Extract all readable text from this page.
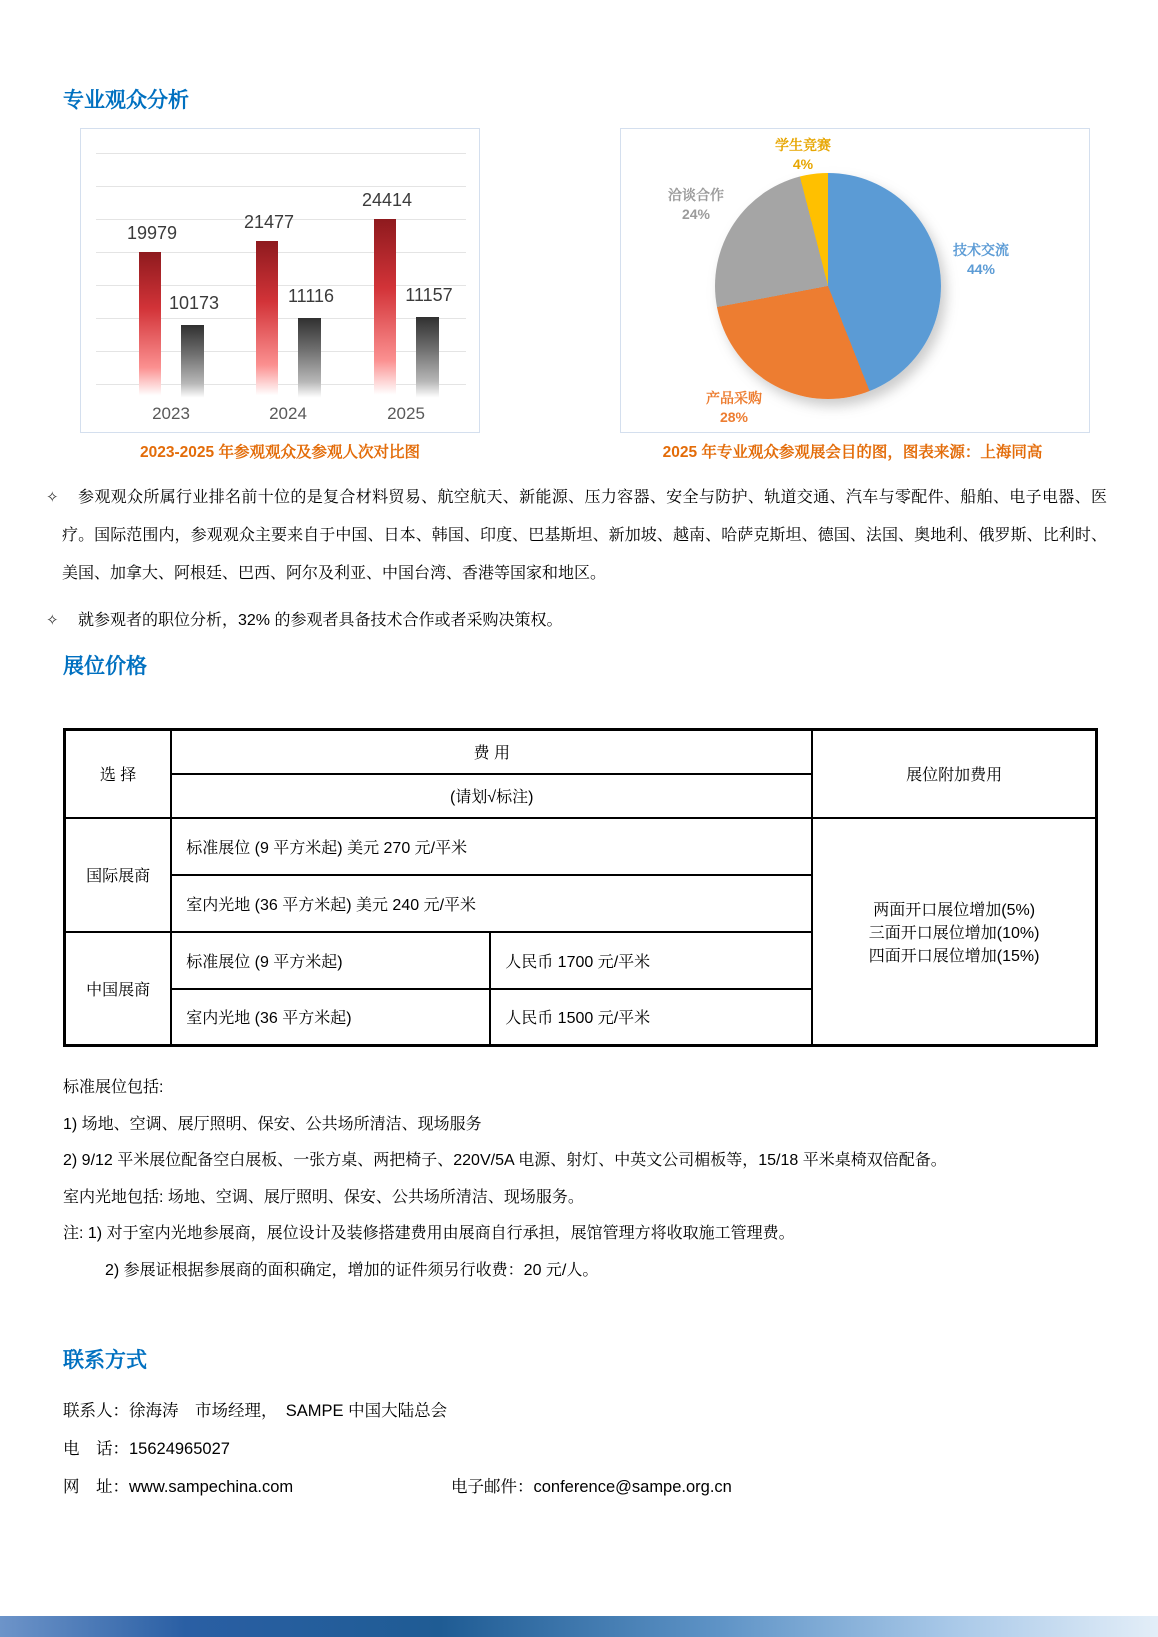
专业观众分析
19979
10173
2023
21477
11116
2024
24414
11157
2025
技术交流
44%
产品采购
28%
洽谈合作
24%
学生竞赛
4%
2023-2025 年参观观众及参观人次对比图	2025 年专业观众参观展会目的图，图表来源：上海同高
✧ 参观观众所属行业排名前十位的是复合材料贸易、航空航天、新能源、压力容器、安全与防护、轨道交通、汽车与零配件、船舶、电子电器、医疗。国际范围内，参观观众主要来自于中国、日本、韩国、印度、巴基斯坦、新加坡、越南、哈萨克斯坦、德国、法国、奥地利、俄罗斯、比利时、美国、加拿大、阿根廷、巴西、阿尔及利亚、中国台湾、香港等国家和地区。
✧ 就参观者的职位分析，32% 的参观者具备技术合作或者采购决策权。
展位价格
选 择	费 用		展位附加费用
	(请划√标注)		
国际展商	标准展位 (9 平方米起) 美元 270 元/平米		两面开口展位增加(5%)
三面开口展位增加(10%)
四面开口展位增加(15%)

	室内光地 (36 平方米起) 美元 240 元/平米		
中国展商	标准展位 (9 平方米起)	人民币 1700 元/平米	
	室内光地 (36 平方米起)	人民币 1500 元/平米	
标准展位包括:
1) 场地、空调、展厅照明、保安、公共场所清洁、现场服务
2) 9/12 平米展位配备空白展板、一张方桌、两把椅子、220V/5A 电源、射灯、中英文公司楣板等，15/18 平米桌椅双倍配备。
室内光地包括: 场地、空调、展厅照明、保安、公共场所清洁、现场服务。
注: 1) 对于室内光地参展商，展位设计及装修搭建费用由展商自行承担，展馆管理方将收取施工管理费。
2) 参展证根据参展商的面积确定，增加的证件须另行收费：20 元/人。
联系方式
联系人：徐海涛　市场经理，　SAMPE 中国大陆总会
电　话：15624965027
网　址：www.sampechina.com	电子邮件：conference@sampe.org.cn
